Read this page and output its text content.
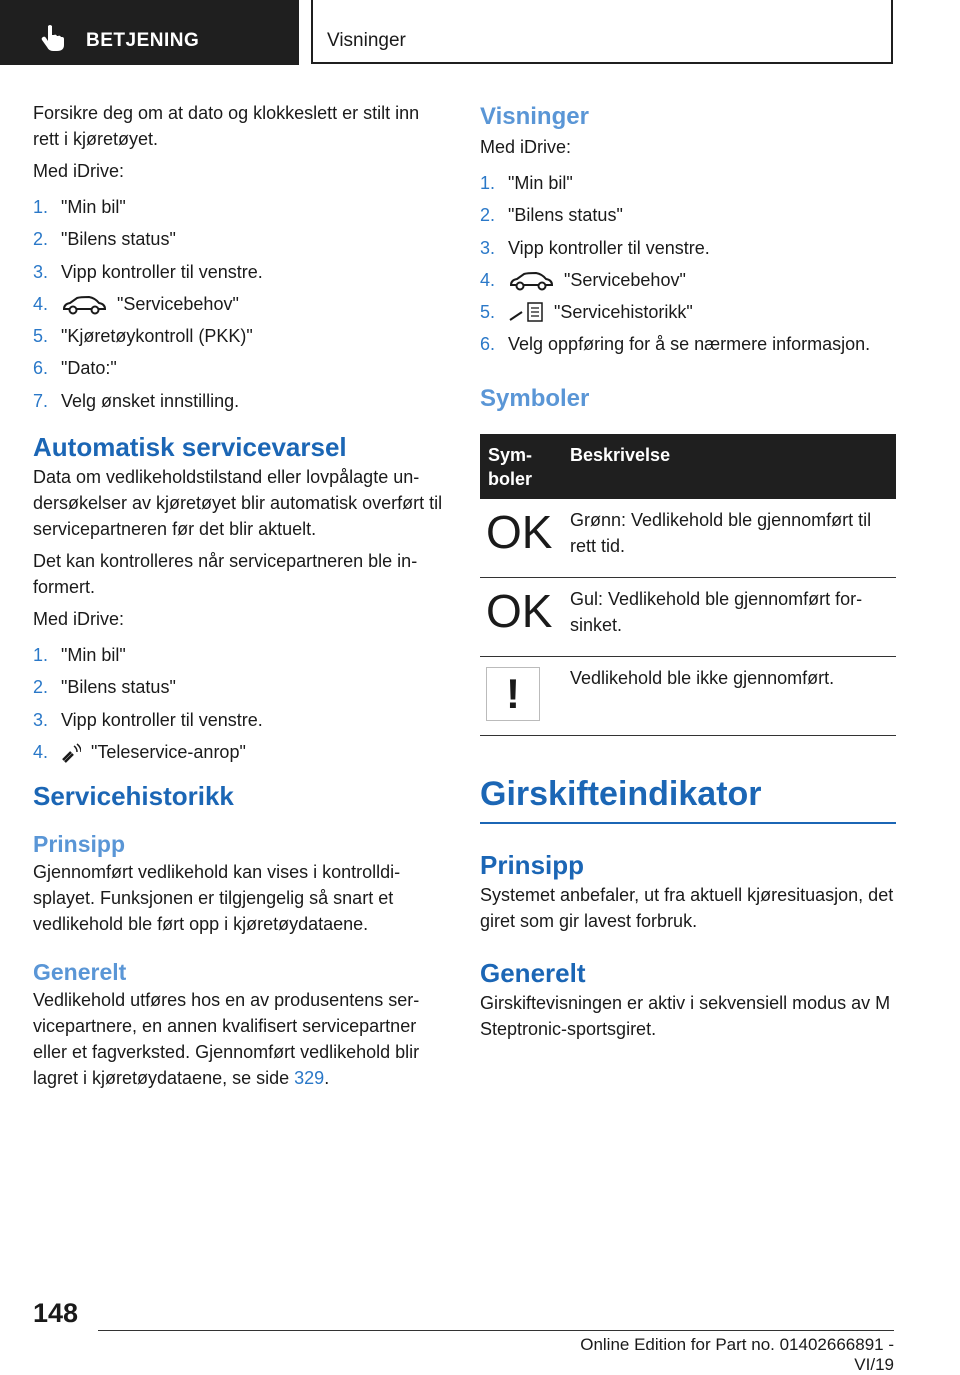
BETJENING	Visninger

Forsikre deg om at dato og klokkeslett er stilt inn rett i kjøretøyet.

Med iDrive:

1. "Min bil"
2. "Bilens status"
3. Vipp kontroller til venstre.
4.	"Servicebehov"
5. "Kjøretøykontroll (PKK)"
6. "Dato:"
7. Velg ønsket innstilling.
Automatisk servicevarsel

Data om vedlikeholdstilstand eller lovpålagte undersøkelser av kjøretøyet blir automatisk overført til servicepartneren før det blir aktuelt.

Det kan kontrolleres når servicepartneren ble informert.

Med iDrive:

1. "Min bil"
2. "Bilens status"
3. Vipp kontroller til venstre.
4. "Teleservice-anrop"
Servicehistorikk
Prinsipp

Gjennomført vedlikehold kan vises i kontrolldisplayet. Funksjonen er tilgjengelig så snart et vedlikehold ble ført opp i kjøretøydataene.

Generelt

Vedlikehold utføres hos en av produsentens servicepartnere, en annen kvalifisert servicepartner eller et fagverksted. Gjennomført vedlikehold blir lagret i kjøretøydataene, se side 329.

Visninger

Med iDrive:

1. "Min bil"
2. "Bilens status"
3. Vipp kontroller til venstre.
4.	"Servicebehov"
5.	"Servicehistorikk"
6. Velg oppføring for å se nærmere informasjon.
Symboler
Symboler	Beskrivelse
OK	Grønn: Vedlikehold ble gjennomført til rett tid.
OK	Gul: Vedlikehold ble gjennomført forsinket.
!	Vedlikehold ble ikke gjennomført.
Girskifteindikator
Prinsipp

Systemet anbefaler, ut fra aktuell kjøresituasjon, det giret som gir lavest forbruk.

Generelt

Girskiftevisningen er aktiv i sekvensiell modus av M Steptronic-sportsgiret.

148
Online Edition for Part no. 01402666891 - VI/19
